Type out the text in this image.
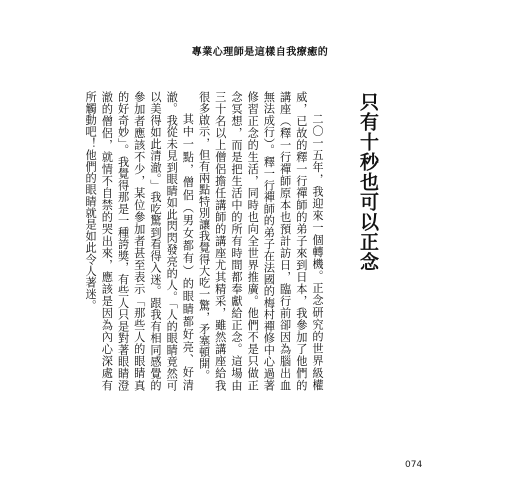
專業心理師是這樣自我療癒的
只有十秒也可以正念

二〇一五年，我迎來一個轉機。正念研究的世界級權威，已故的釋一行禪師的弟子來到日本，我參加了他們的講座（釋一行禪師原本也預計訪日，臨行前卻因為腦出血無法成行）。釋一行禪師的弟子在法國的梅村禪修中心過著修習正念的生活，同時也向全世界推廣。他們不是只做正念冥想，而是把生活中的所有時間都奉獻給正念。這場由三十名以上僧侶擔任講師的講座尤其精采，雖然講座給我很多啟示，但有兩點特別讓我覺得大吃一驚，矛塞頓開。

其中一點，僧侶（男女都有）的眼睛都好亮、好清澈。我從未見到眼睛如此閃閃發亮的人。「人的眼睛竟然可以美得如此清澈。」我吃驚到看得入迷。跟我有相同感覺的參加者應該不少，某位參加者甚至表示「那些人的眼睛真的好奇妙」。我覺得那是一種誇獎，有些人只是對著眼睛澄澈的僧侶，就情不自禁的哭出來，應該是因為內心深處有所觸動吧！他們的眼睛就是如此令人著迷。

074
